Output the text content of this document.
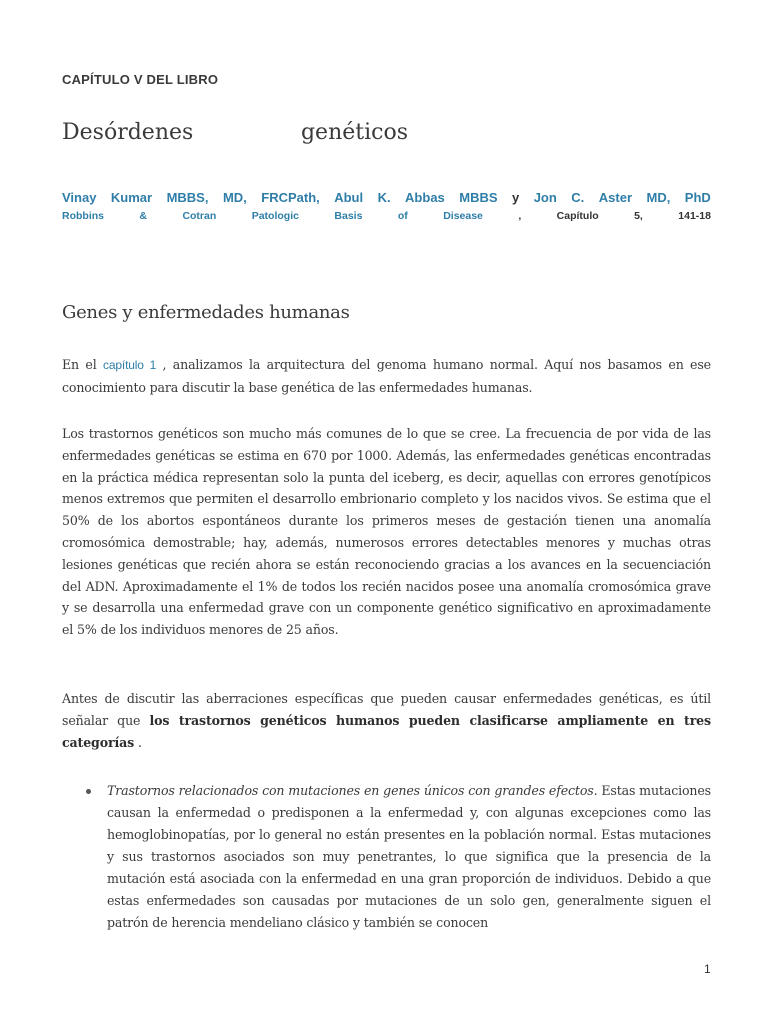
CAPÍTULO V DEL LIBRO
Desórdenes	genéticos
Vinay Kumar MBBS, MD, FRCPath, Abul K. Abbas MBBS y Jon C. Aster MD, PhD
Robbins	&	Cotran	Patologic	Basis	of	Disease	,	Capítulo	5,	141-18
Genes y enfermedades humanas

En el capítulo 1 , analizamos la arquitectura del genoma humano normal. Aquí nos basamos en ese conocimiento para discutir la base genética de las enfermedades humanas.

Los trastornos genéticos son mucho más comunes de lo que se cree. La frecuencia de por vida de las enfermedades genéticas se estima en 670 por 1000. Además, las enfermedades genéticas encontradas en la práctica médica representan solo la punta del iceberg, es decir, aquellas con errores genotípicos menos extremos que permiten el desarrollo embrionario completo y los nacidos vivos. Se estima que el 50% de los abortos espontáneos durante los primeros meses de gestación tienen una anomalía cromosómica demostrable; hay, además, numerosos errores detectables menores y muchas otras lesiones genéticas que recién ahora se están reconociendo gracias a los avances en la secuenciación del ADN. Aproximadamente el 1% de todos los recién nacidos posee una anomalía cromosómica grave y se desarrolla una enfermedad grave con un componente genético significativo en aproximadamente el 5% de los individuos menores de 25 años.

Antes de discutir las aberraciones específicas que pueden causar enfermedades genéticas, es útil señalar que los trastornos genéticos humanos pueden clasificarse ampliamente en tres categorías .

Trastornos relacionados con mutaciones en genes únicos con grandes efectos. Estas mutaciones causan la enfermedad o predisponen a la enfermedad y, con algunas excepciones como las hemoglobinopatías, por lo general no están presentes en la población normal. Estas mutaciones y sus trastornos asociados son muy penetrantes, lo que significa que la presencia de la mutación está asociada con la enfermedad en una gran proporción de individuos. Debido a que estas enfermedades son causadas por mutaciones de un solo gen, generalmente siguen el patrón de herencia mendeliano clásico y también se conocen
1
